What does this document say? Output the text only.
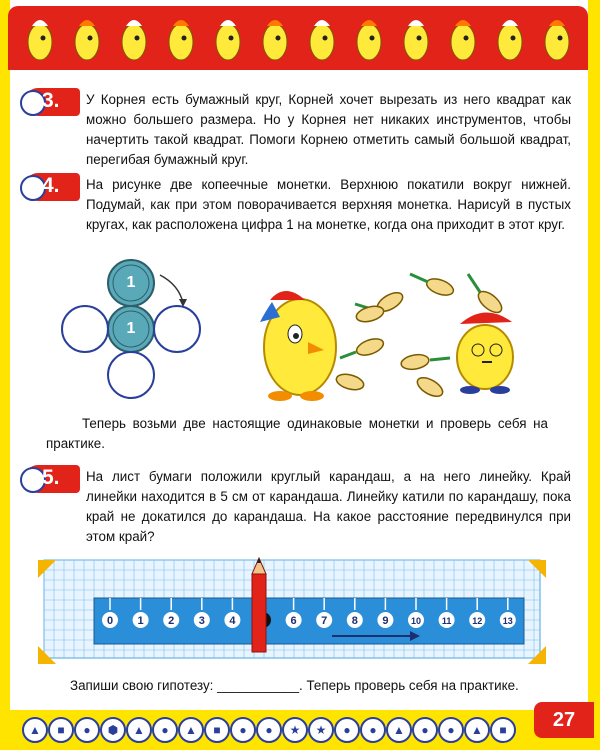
3. У Корнея есть бумажный круг, Корней хочет вырезать из него квадрат как можно большего размера. Но у Корнея нет никаких инструментов, чтобы начертить такой квадрат. Помоги Корнею отметить самый большой квадрат, перегибая бумажный круг.
4. На рисунке две копеечные монетки. Верхнюю покатили вокруг нижней. Подумай, как при этом поворачивается верхняя монетка. Нарисуй в пустых кругах, как расположена цифра 1 на монетке, когда она приходит в этот круг.
1
1
Теперь возьми две настоящие одинаковые монетки и проверь себя на практике.
5. На лист бумаги положили круглый карандаш, а на него линейку. Край линейки находится в 5 см от карандаша. Линейку катили по карандашу, пока край не докатился до карандаша. На какое расстояние передвинулся при этом край?
0 1 2 3 4	6 7 8 9	10 11 12 13
Запиши свою гипотезу: ___________. Теперь проверь себя на практике.
▲	■	●	⬢	▲	●	▲	■	●	●	★	★	●	●	▲	●	●	▲	■	27
